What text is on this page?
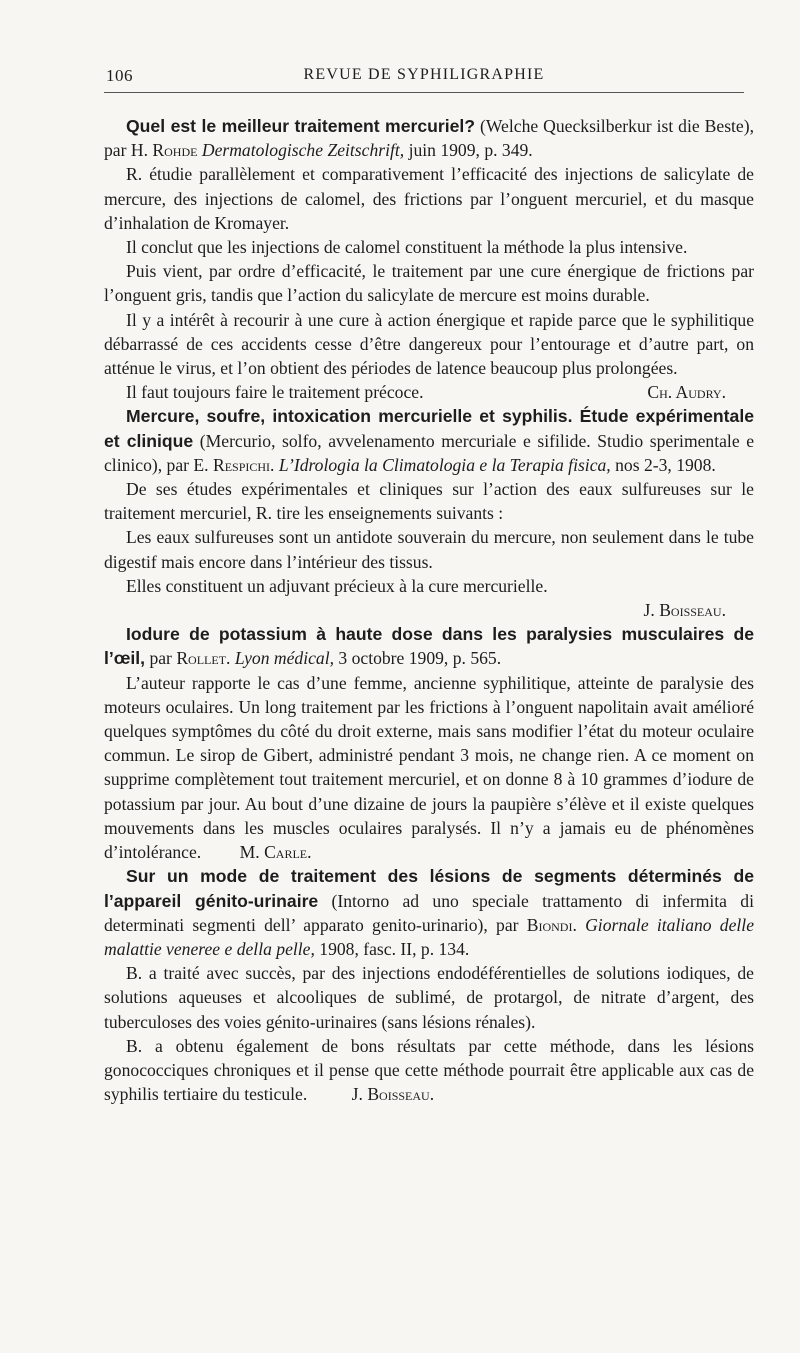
106	REVUE DE SYPHILIGRAPHIE

Quel est le meilleur traitement mercuriel? (Welche Quecksilberkur ist die Beste), par H. Rohde Dermatologische Zeitschrift, juin 1909, p. 349.

R. étudie parallèlement et comparativement l’efficacité des injections de salicylate de mercure, des injections de calomel, des frictions par l’onguent mercuriel, et du masque d’inhalation de Kromayer.

Il conclut que les injections de calomel constituent la méthode la plus intensive.

Puis vient, par ordre d’efficacité, le traitement par une cure énergique de frictions par l’onguent gris, tandis que l’action du salicylate de mercure est moins durable.

Il y a intérêt à recourir à une cure à action énergique et rapide parce que le syphilitique débarrassé de ces accidents cesse d’être dangereux pour l’entourage et d’autre part, on atténue le virus, et l’on obtient des périodes de latence beaucoup plus prolongées.

Il faut toujours faire le traitement précoce.	Ch. Audry.

Mercure, soufre, intoxication mercurielle et syphilis. Étude expérimentale et clinique (Mercurio, solfo, avvelenamento mercuriale e sifilide. Studio sperimentale e clinico), par E. Respichi. L’Idrologia la Climatologia e la Terapia fisica, nos 2-3, 1908.

De ses études expérimentales et cliniques sur l’action des eaux sulfureuses sur le traitement mercuriel, R. tire les enseignements suivants :

Les eaux sulfureuses sont un antidote souverain du mercure, non seulement dans le tube digestif mais encore dans l’intérieur des tissus.

Elles constituent un adjuvant précieux à la cure mercurielle.

J. Boisseau.

Iodure de potassium à haute dose dans les paralysies musculaires de l’œil, par Rollet. Lyon médical, 3 octobre 1909, p. 565.

L’auteur rapporte le cas d’une femme, ancienne syphilitique, atteinte de paralysie des moteurs oculaires. Un long traitement par les frictions à l’onguent napolitain avait amélioré quelques symptômes du côté du droit externe, mais sans modifier l’état du moteur oculaire commun. Le sirop de Gibert, administré pendant 3 mois, ne change rien. A ce moment on supprime complètement tout traitement mercuriel, et on donne 8 à 10 grammes d’iodure de potassium par jour. Au bout d’une dizaine de jours la paupière s’élève et il existe quelques mouvements dans les muscles oculaires paralysés. Il n’y a jamais eu de phénomènes d’intolérance. M. Carle.

Sur un mode de traitement des lésions de segments déterminés de l’appareil génito-urinaire (Intorno ad uno speciale trattamento di infermita di determinati segmenti dell’ apparato genito-urinario), par Biondi. Giornale italiano delle malattie veneree e della pelle, 1908, fasc. II, p. 134.

B. a traité avec succès, par des injections endodéférentielles de solutions iodiques, de solutions aqueuses et alcooliques de sublimé, de protargol, de nitrate d’argent, des tuberculoses des voies génito-urinaires (sans lésions rénales).

B. a obtenu également de bons résultats par cette méthode, dans les lésions gonococciques chroniques et il pense que cette méthode pourrait être applicable aux cas de syphilis tertiaire du testicule.	J. Boisseau.
